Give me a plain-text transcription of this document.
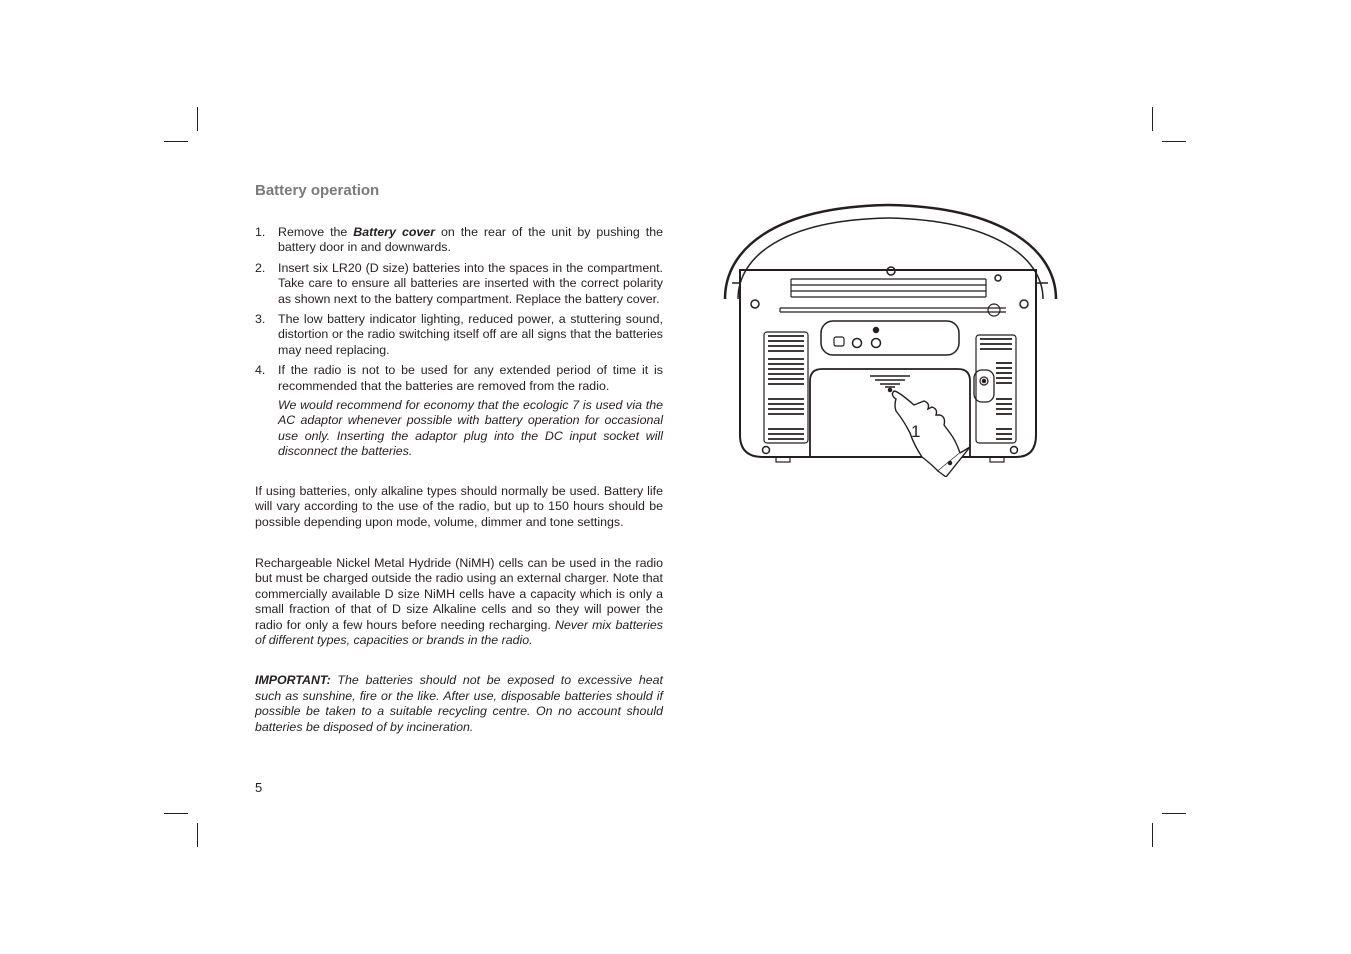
Battery operation
1.	Remove the Battery cover on the rear of the unit by pushing the battery door in and downwards.
2.	Insert six LR20 (D size) batteries into the spaces in the compartment. Take care to ensure all batteries are inserted with the correct polarity as shown next to the battery compartment. Replace the battery cover.
3.	The low battery indicator lighting, reduced power, a stuttering sound, distortion or the radio switching itself off are all signs that the batteries may need replacing.
4.	If the radio is not to be used for any extended period of time it is recommended that the batteries are removed from the radio.

We would recommend for economy that the ecologic 7 is used via the AC adaptor whenever possible with battery operation for occasional use only. Inserting the adaptor plug into the DC input socket will disconnect the batteries.

If using batteries, only alkaline types should normally be used. Battery life will vary according to the use of the radio, but up to 150 hours should be possible depending upon mode, volume, dimmer and tone settings.

Rechargeable Nickel Metal Hydride (NiMH) cells can be used in the radio but must be charged outside the radio using an external charger. Note that commercially available D size NiMH cells have a capacity which is only a small fraction of that of D size Alkaline cells and so they will power the radio for only a few hours before needing recharging. Never mix batteries of different types, capacities or brands in the radio.

IMPORTANT: The batteries should not be exposed to excessive heat such as sunshine, fire or the like. After use, disposable batteries should if possible be taken to a suitable recycling centre. On no account should batteries be disposed of by incineration.

5
1
